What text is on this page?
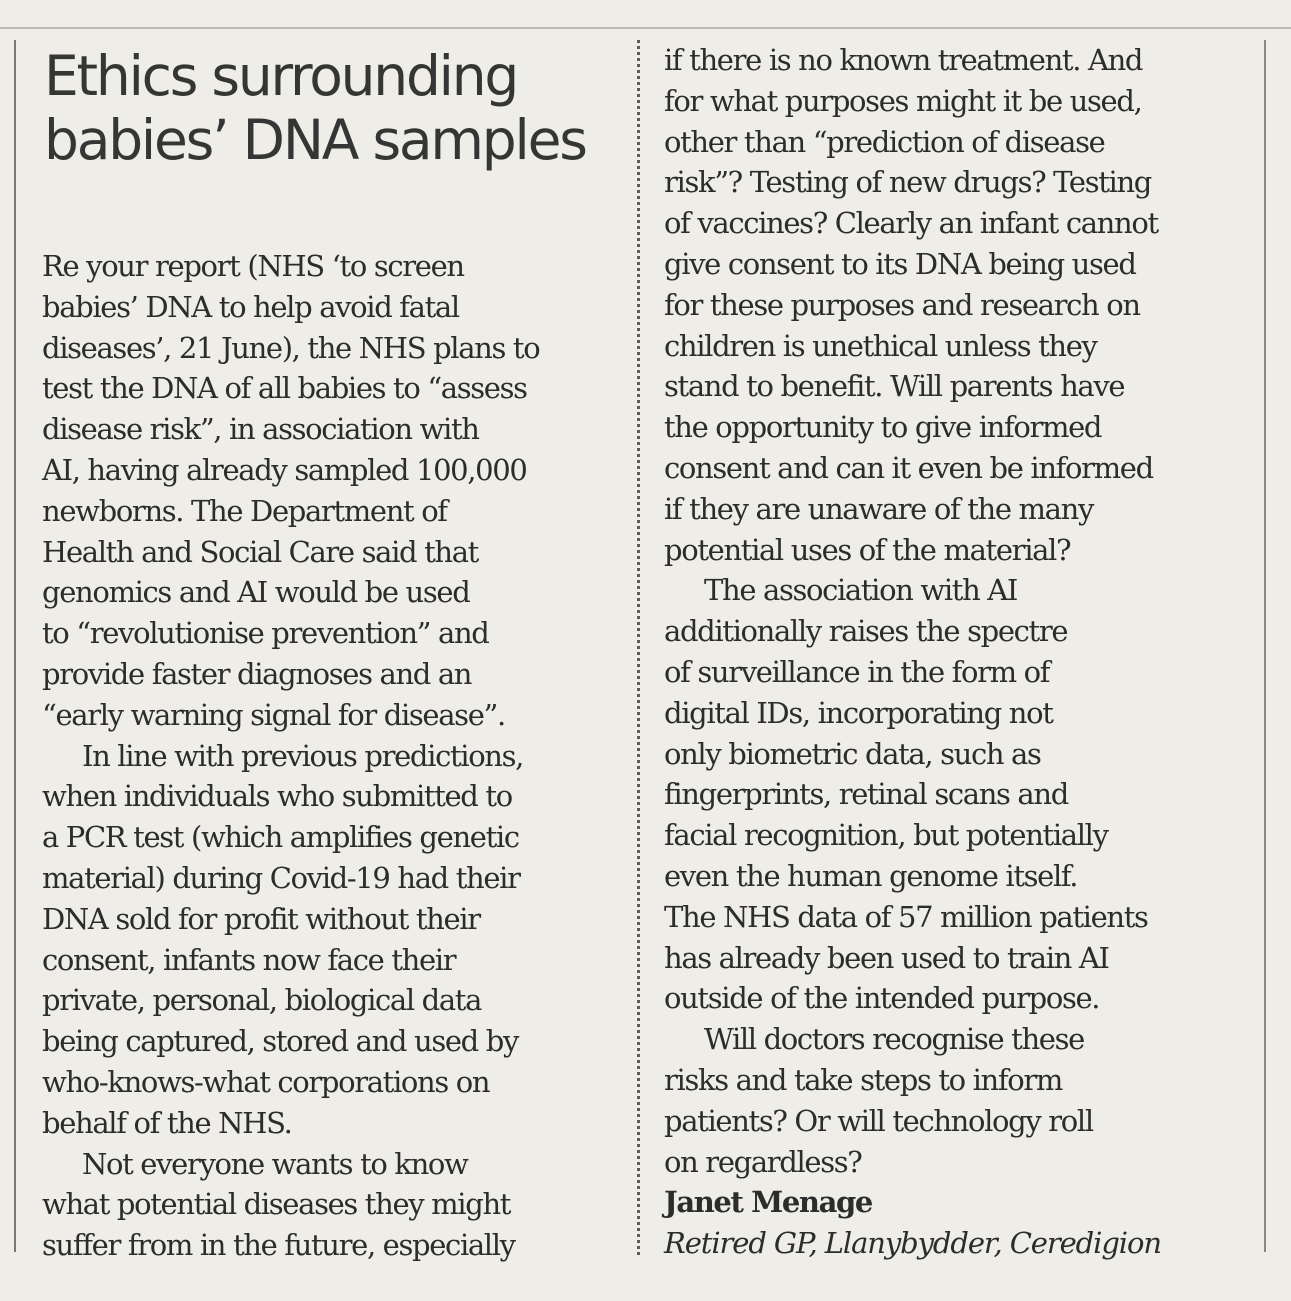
Ethics surrounding
babies’ DNA samples
Re your report (NHS ‘to screen
babies’ DNA to help avoid fatal
diseases’, 21 June), the NHS plans to
test the DNA of all babies to “assess
disease risk”, in association with
AI, having already sampled 100,000
newborns. The Department of
Health and Social Care said that
genomics and AI would be used
to “revolutionise prevention” and
provide faster diagnoses and an
“early warning signal for disease”.
In line with previous predictions,
when individuals who submitted to
a PCR test (which amplifies genetic
material) during Covid-19 had their
DNA sold for profit without their
consent, infants now face their
private, personal, biological data
being captured, stored and used by
who-knows-what corporations on
behalf of the NHS.
Not everyone wants to know
what potential diseases they might
suffer from in the future, especially
if there is no known treatment. And
for what purposes might it be used,
other than “prediction of disease
risk”? Testing of new drugs? Testing
of vaccines? Clearly an infant cannot
give consent to its DNA being used
for these purposes and research on
children is unethical unless they
stand to benefit. Will parents have
the opportunity to give informed
consent and can it even be informed
if they are unaware of the many
potential uses of the material?
The association with AI
additionally raises the spectre
of surveillance in the form of
digital IDs, incorporating not
only biometric data, such as
fingerprints, retinal scans and
facial recognition, but potentially
even the human genome itself.
The NHS data of 57 million patients
has already been used to train AI
outside of the intended purpose.
Will doctors recognise these
risks and take steps to inform
patients? Or will technology roll
on regardless?
Janet Menage
Retired GP, Llanybydder, Ceredigion
